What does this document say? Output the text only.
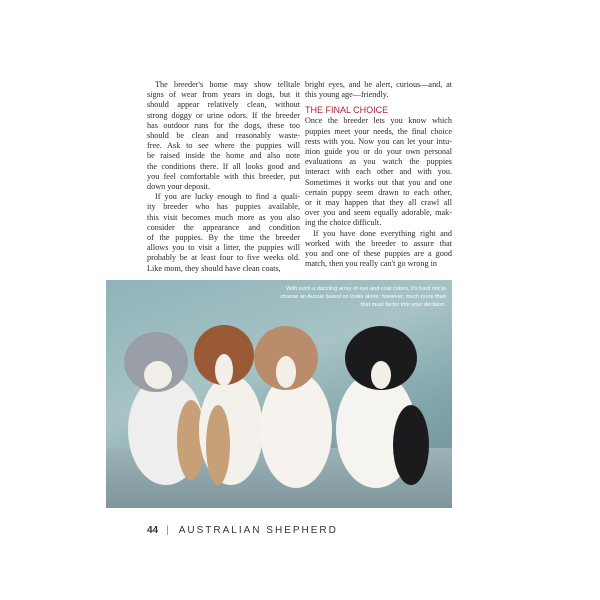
The breeder's home may show telltale
signs of wear from years in dogs, but it
should appear relatively clean, without
strong doggy or urine odors. If the breeder
has outdoor runs for the dogs, these too
should be clean and reasonably waste-
free. Ask to see where the puppies will
be raised inside the home and also note
the conditions there. If all looks good and
you feel comfortable with this breeder, put
down your deposit.
If you are lucky enough to find a quali-
ity breeder who has puppies available,
this visit becomes much more as you also
consider the appearance and condition
of the puppies. By the time the breeder
allows you to visit a litter, the puppies will
probably be at least four to five weeks old.
Like mom, they should have clean coats,
bright eyes, and be alert, curious—and, at
this young age—friendly.
THE FINAL CHOICE
Once the breeder lets you know which
puppies meet your needs, the final choice
rests with you. Now you can let your intu-
ition guide you or do your own personal
evaluations as you watch the puppies
interact with each other and with you.
Sometimes it works out that you and one
certain puppy seem drawn to each other,
or it may happen that they all crawl all
over you and seem equally adorable, mak-
ing the choice difficult.
If you have done everything right and
worked with the breeder to assure that
you and one of these puppies are a good
match, then you really can't go wrong in
With such a dazzling array of eye and coat colors, it's hard not to choose an Aussie based on looks alone; however, much more than that must factor into your decision.
44 | AUSTRALIAN SHEPHERD
